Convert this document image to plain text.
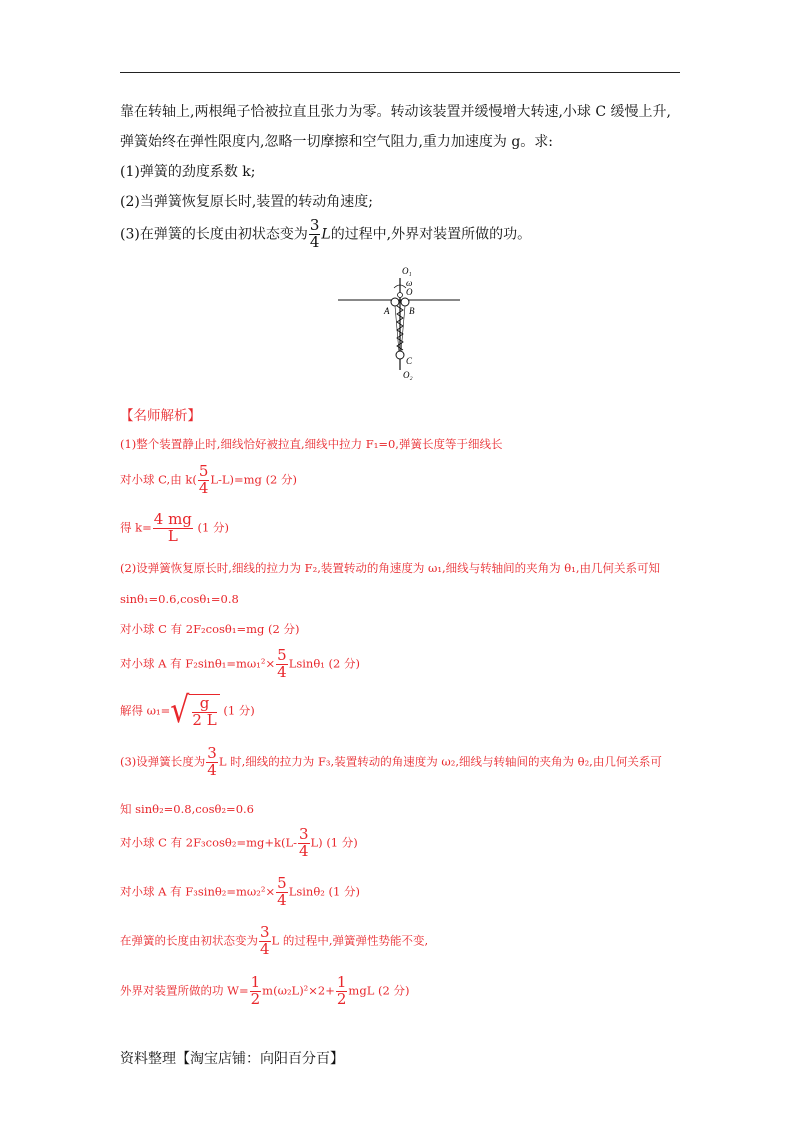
靠在转轴上,两根绳子恰被拉直且张力为零。转动该装置并缓慢增大转速,小球 C 缓慢上升,
弹簧始终在弹性限度内,忽略一切摩擦和空气阻力,重力加速度为 g。求:
(1)弹簧的劲度系数 k;
(2)当弹簧恢复原长时,装置的转动角速度;
(3)在弹簧的长度由初状态变为 $\frac{3}{4}$ L的过程中,外界对装置所做的功。
O₁
ω
O
A B
C
O₂
【名师解析】
(1)整个装置静止时,细线恰好被拉直,细线中拉力 F₁=0,弹簧长度等于细线长
对小球 C,由 $k( \frac{5}{4} L-L)=mg$ (2 分)
得 $k= \frac{4 mg}{L} (1$ 分)
(2)设弹簧恢复原长时,细线的拉力为 F₂,装置转动的角速度为 ω₁,细线与转轴间的夹角为 θ₁,由几何关系可知
sinθ₁=0.6,cosθ₁=0.8
对小球 C 有 2F₂cosθ₁=mg (2 分)
对小球 A 有 $F_2\sin\theta_1=m\omega_1^2\times \frac{5}{4} Lsin\theta_1$ (2 分)
解得 $\omega_1=√ \frac{g}{2 L} (1$ 分)
(3)设弹簧长度为 $\frac{3}{4}$ L 时,细线的拉力为 F₃,装置转动的角速度为 ω₂,细线与转轴间的夹角为 θ₂,由几何关系可
知 sinθ₂=0.8,cosθ₂=0.6
对小球 C 有 $2F_3\cos\theta_2=mg+k(L- \frac{3}{4} L)$ (1 分)
对小球 A 有 $F_3\sin\theta_2=m\omega_2^2\times \frac{5}{4} Lsin\theta_2$ (1 分)
在弹簧的长度由初状态变为 $\frac{3}{4}$ L 的过程中,弹簧弹性势能不变,
外界对装置所做的功 $W= \frac{1}{2} m(\omega_2L)^2\times 2+ \frac{1}{2}$ mgL (2 分)
资料整理【淘宝店铺：向阳百分百】
